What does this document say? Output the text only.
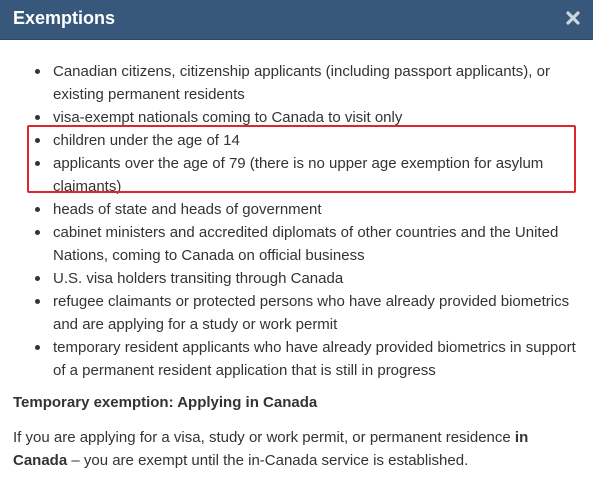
Exemptions
Canadian citizens, citizenship applicants (including passport applicants), or existing permanent residents
visa-exempt nationals coming to Canada to visit only
children under the age of 14
applicants over the age of 79 (there is no upper age exemption for asylum claimants)
heads of state and heads of government
cabinet ministers and accredited diplomats of other countries and the United Nations, coming to Canada on official business
U.S. visa holders transiting through Canada
refugee claimants or protected persons who have already provided biometrics and are applying for a study or work permit
temporary resident applicants who have already provided biometrics in support of a permanent resident application that is still in progress
Temporary exemption: Applying in Canada
If you are applying for a visa, study or work permit, or permanent residence in Canada – you are exempt until the in-Canada service is established.
